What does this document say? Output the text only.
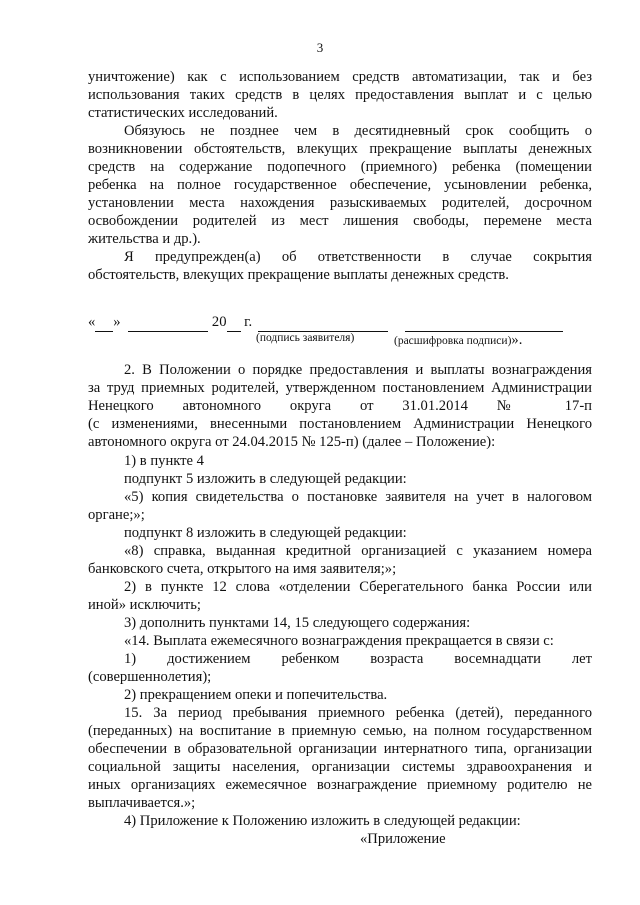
3
уничтожение) как с использованием средств автоматизации, так и без
использования таких средств в целях предоставления выплат и с целью
статистических исследований.
Обязуюсь не позднее чем в десятидневный срок сообщить о
возникновении обстоятельств, влекущих прекращение выплаты денежных
средств на содержание подопечного (приемного) ребенка (помещении
ребенка на полное государственное обеспечение, усыновлении ребенка,
установлении места нахождения разыскиваемых родителей, досрочном
освобождении родителей из мест лишения свободы, перемене места
жительства и др.).
Я предупрежден(а) об ответственности в случае сокрытия
обстоятельств, влекущих прекращение выплаты денежных средств.
« »	20 г.
(подпись заявителя)	(расшифровка подписи)».
2. В Положении о порядке предоставления и выплаты вознаграждения
за труд приемных родителей, утвержденном постановлением Администрации
Ненецкого автономного округа от 31.01.2014 № 17-п
(с изменениями, внесенными постановлением Администрации Ненецкого
автономного округа от 24.04.2015 № 125-п) (далее – Положение):
1) в пункте 4
подпункт 5 изложить в следующей редакции:
«5) копия свидетельства о постановке заявителя на учет в налоговом
органе;»;
подпункт 8 изложить в следующей редакции:
«8) справка, выданная кредитной организацией с указанием номера
банковского счета, открытого на имя заявителя;»;
2) в пункте 12 слова «отделении Сберегательного банка России или
иной» исключить;
3) дополнить пунктами 14, 15 следующего содержания:
«14. Выплата ежемесячного вознаграждения прекращается в связи с:
1) достижением ребенком возраста восемнадцати лет
(совершеннолетия);
2) прекращением опеки и попечительства.
15. За период пребывания приемного ребенка (детей), переданного
(переданных) на воспитание в приемную семью, на полном государственном
обеспечении в образовательной организации интернатного типа, организации
социальной защиты населения, организации системы здравоохранения и
иных организациях ежемесячное вознаграждение приемному родителю не
выплачивается.»;
4) Приложение к Положению изложить в следующей редакции:
«Приложение
